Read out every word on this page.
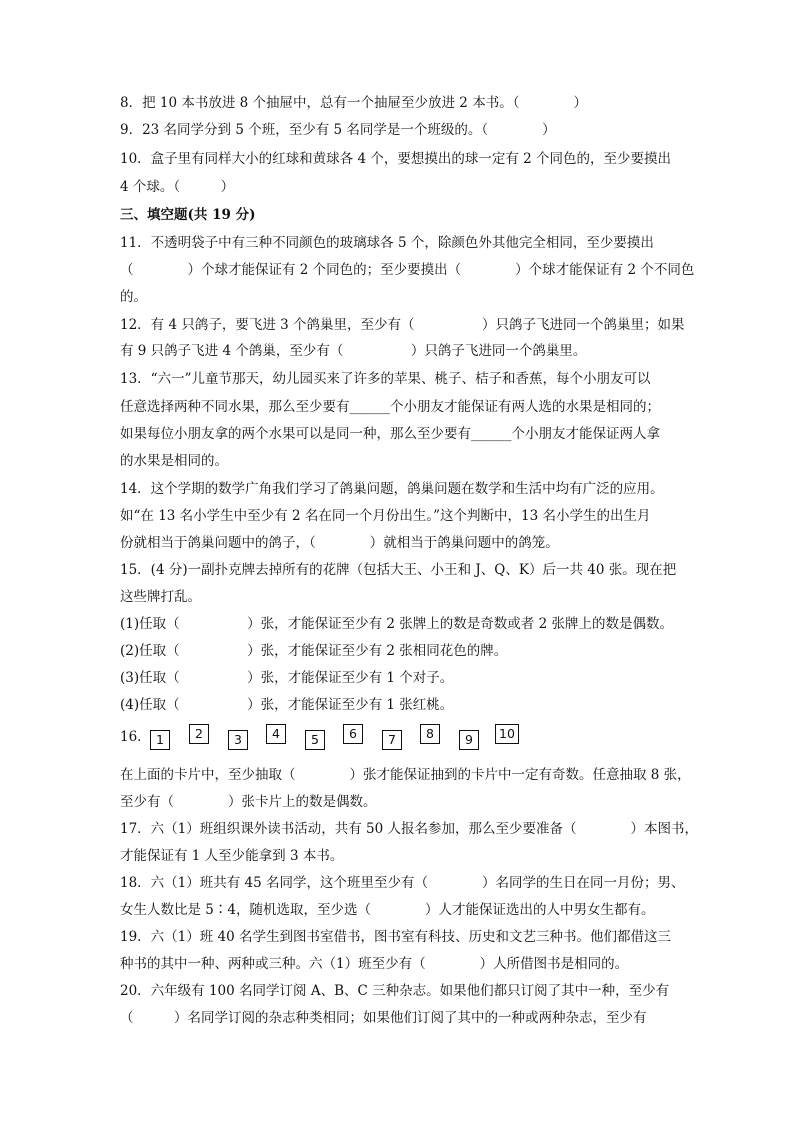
8．把 10 本书放进 8 个抽屉中，总有一个抽屉至少放进 2 本书。（　　　　）

9．23 名同学分到 5 个班，至少有 5 名同学是一个班级的。（　　　　）

10．盒子里有同样大小的红球和黄球各 4 个，要想摸出的球一定有 2 个同色的，至少要摸出

4 个球。（　　　）

三、填空题(共 19 分)

11．不透明袋子中有三种不同颜色的玻璃球各 5 个，除颜色外其他完全相同，至少要摸出

（　　　　）个球才能保证有 2 个同色的；至少要摸出（　　　　）个球才能保证有 2 个不同色

的。

12．有 4 只鸽子，要飞进 3 个鸽巢里，至少有（　　　　　）只鸽子飞进同一个鸽巢里；如果

有 9 只鸽子飞进 4 个鸽巢，至少有（　　　　　）只鸽子飞进同一个鸽巢里。

13．“六一”儿童节那天，幼儿园买来了许多的苹果、桃子、桔子和香蕉，每个小朋友可以

任意选择两种不同水果，那么至少要有______个小朋友才能保证有两人选的水果是相同的；

如果每位小朋友拿的两个水果可以是同一种，那么至少要有______个小朋友才能保证两人拿

的水果是相同的。

14．这个学期的数学广角我们学习了鸽巢问题，鸽巢问题在数学和生活中均有广泛的应用。

如“在 13 名小学生中至少有 2 名在同一个月份出生。”这个判断中，13 名小学生的出生月

份就相当于鸽巢问题中的鸽子，（　　　　）就相当于鸽巢问题中的鸽笼。

15．(4 分)一副扑克牌去掉所有的花牌（包括大王、小王和 J、Q、K）后一共 40 张。现在把

这些牌打乱。

(1)任取（　　　　　）张，才能保证至少有 2 张牌上的数是奇数或者 2 张牌上的数是偶数。

(2)任取（　　　　　）张，才能保证至少有 2 张相同花色的牌。

(3)任取（　　　　　）张，才能保证至少有 1 个对子。

(4)任取（　　　　　）张，才能保证至少有 1 张红桃。

16． 1	2	3	4	5	6	7	8	9	10

在上面的卡片中，至少抽取（　　　　）张才能保证抽到的卡片中一定有奇数。任意抽取 8 张，

至少有（　　　　）张卡片上的数是偶数。

17．六（1）班组织课外读书活动，共有 50 人报名参加，那么至少要准备（　　　　）本图书，

才能保证有 1 人至少能拿到 3 本书。

18．六（1）班共有 45 名同学，这个班里至少有（　　　　）名同学的生日在同一月份；男、

女生人数比是 5∶4，随机选取，至少选（　　　　）人才能保证选出的人中男女生都有。

19．六（1）班 40 名学生到图书室借书，图书室有科技、历史和文艺三种书。他们都借这三

种书的其中一种、两种或三种。六（1）班至少有（　　　　）人所借图书是相同的。

20．六年级有 100 名同学订阅 A、B、C 三种杂志。如果他们都只订阅了其中一种，至少有

（　　　）名同学订阅的杂志种类相同；如果他们订阅了其中的一种或两种杂志，至少有
